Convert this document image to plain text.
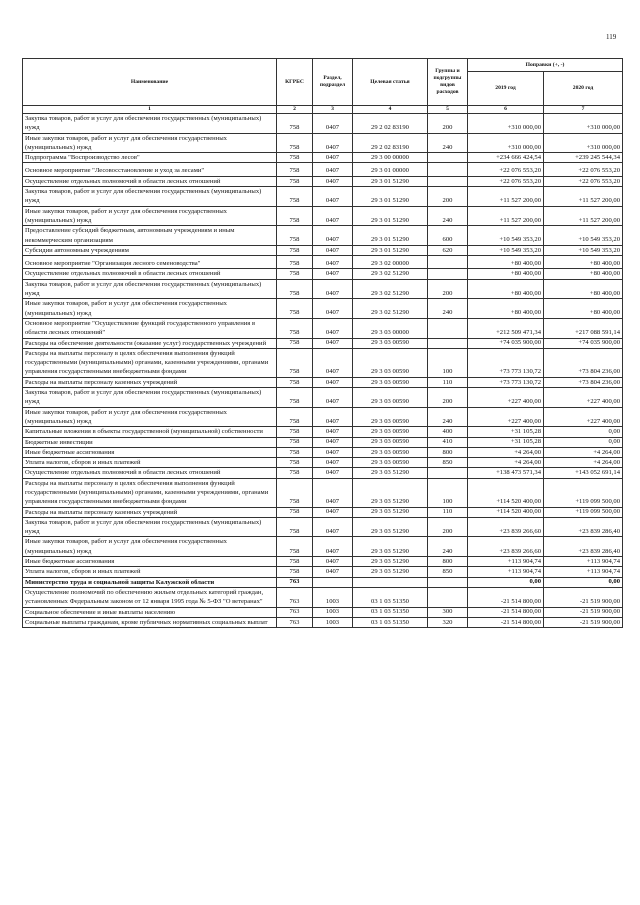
119
Наименование	КГРБС	Раздел, подраздел	Целевая статья	Группы и подгруппы видов расходов	Поправки (+, -)	
					2019 год	2020 год
1	2	3	4	5	6	7
Закупка товаров, работ и услуг для обеспечения государственных (муниципальных) нужд	758	0407	29 2 02 83190	200	+310 000,00	+310 000,00
Иные закупки товаров, работ и услуг для обеспечения государственных (муниципальных) нужд	758	0407	29 2 02 83190	240	+310 000,00	+310 000,00
Подпрограмма "Воспроизводство лесов"	758	0407	29 3 00 00000		+234 666 424,54	+239 245 544,34
Основное мероприятие "Лесовосстановление и уход за лесами"	758	0407	29 3 01 00000		+22 076 553,20	+22 076 553,20
Осуществление отдельных полномочий в области лесных отношений	758	0407	29 3 01 51290		+22 076 553,20	+22 076 553,20
Закупка товаров, работ и услуг для обеспечения государственных (муниципальных) нужд	758	0407	29 3 01 51290	200	+11 527 200,00	+11 527 200,00
Иные закупки товаров, работ и услуг для обеспечения государственных (муниципальных) нужд	758	0407	29 3 01 51290	240	+11 527 200,00	+11 527 200,00
Предоставление субсидий бюджетным, автономным учреждениям и иным некоммерческим организациям	758	0407	29 3 01 51290	600	+10 549 353,20	+10 549 353,20
Субсидии автономным учреждениям	758	0407	29 3 01 51290	620	+10 549 353,20	+10 549 353,20
Основное мероприятие "Организация лесного семеноводства"	758	0407	29 3 02 00000		+80 400,00	+80 400,00
Осуществление отдельных полномочий в области лесных отношений	758	0407	29 3 02 51290		+80 400,00	+80 400,00
Закупка товаров, работ и услуг для обеспечения государственных (муниципальных) нужд	758	0407	29 3 02 51290	200	+80 400,00	+80 400,00
Иные закупки товаров, работ и услуг для обеспечения государственных (муниципальных) нужд	758	0407	29 3 02 51290	240	+80 400,00	+80 400,00
Основное мероприятие "Осуществление функций государственного управления в области лесных отношений"	758	0407	29 3 03 00000		+212 509 471,34	+217 088 591,14
Расходы на обеспечение деятельности (оказание услуг) государственных учреждений	758	0407	29 3 03 00590		+74 035 900,00	+74 035 900,00
Расходы на выплаты персоналу в целях обеспечения выполнения функций государственными (муниципальными) органами, казенными учреждениями, органами управления государственными внебюджетными фондами	758	0407	29 3 03 00590	100	+73 773 130,72	+73 804 236,00
Расходы на выплаты персоналу казенных учреждений	758	0407	29 3 03 00590	110	+73 773 130,72	+73 804 236,00
Закупка товаров, работ и услуг для обеспечения государственных (муниципальных) нужд	758	0407	29 3 03 00590	200	+227 400,00	+227 400,00
Иные закупки товаров, работ и услуг для обеспечения государственных (муниципальных) нужд	758	0407	29 3 03 00590	240	+227 400,00	+227 400,00
Капитальные вложения в объекты государственной (муниципальной) собственности	758	0407	29 3 03 00590	400	+31 105,28	0,00
Бюджетные инвестиции	758	0407	29 3 03 00590	410	+31 105,28	0,00
Иные бюджетные ассигнования	758	0407	29 3 03 00590	800	+4 264,00	+4 264,00
Уплата налогов, сборов и иных платежей	758	0407	29 3 03 00590	850	+4 264,00	+4 264,00
Осуществление отдельных полномочий в области лесных отношений	758	0407	29 3 03 51290		+138 473 571,34	+143 052 691,14
Расходы на выплаты персоналу в целях обеспечения выполнения функций государственными (муниципальными) органами, казенными учреждениями, органами управления государственными внебюджетными фондами	758	0407	29 3 03 51290	100	+114 520 400,00	+119 099 500,00
Расходы на выплаты персоналу казенных учреждений	758	0407	29 3 03 51290	110	+114 520 400,00	+119 099 500,00
Закупка товаров, работ и услуг для обеспечения государственных (муниципальных) нужд	758	0407	29 3 03 51290	200	+23 839 266,60	+23 839 286,40
Иные закупки товаров, работ и услуг для обеспечения государственных (муниципальных) нужд	758	0407	29 3 03 51290	240	+23 839 266,60	+23 839 286,40
Иные бюджетные ассигнования	758	0407	29 3 03 51290	800	+113 904,74	+113 904,74
Уплата налогов, сборов и иных платежей	758	0407	29 3 03 51290	850	+113 904,74	+113 904,74
Министерство труда и социальной защиты Калужской области	763				0,00	0,00
Осуществление полномочий по обеспечению жильем отдельных категорий граждан, установленных Федеральным законом от 12 января 1995 года № 5-ФЗ "О ветеранах"	763	1003	03 1 03 51350		-21 514 800,00	-21 519 900,00
Социальное обеспечение и иные выплаты населению	763	1003	03 1 03 51350	300	-21 514 800,00	-21 519 900,00
Социальные выплаты гражданам, кроме публичных нормативных социальных выплат	763	1003	03 1 03 51350	320	-21 514 800,00	-21 519 900,00
